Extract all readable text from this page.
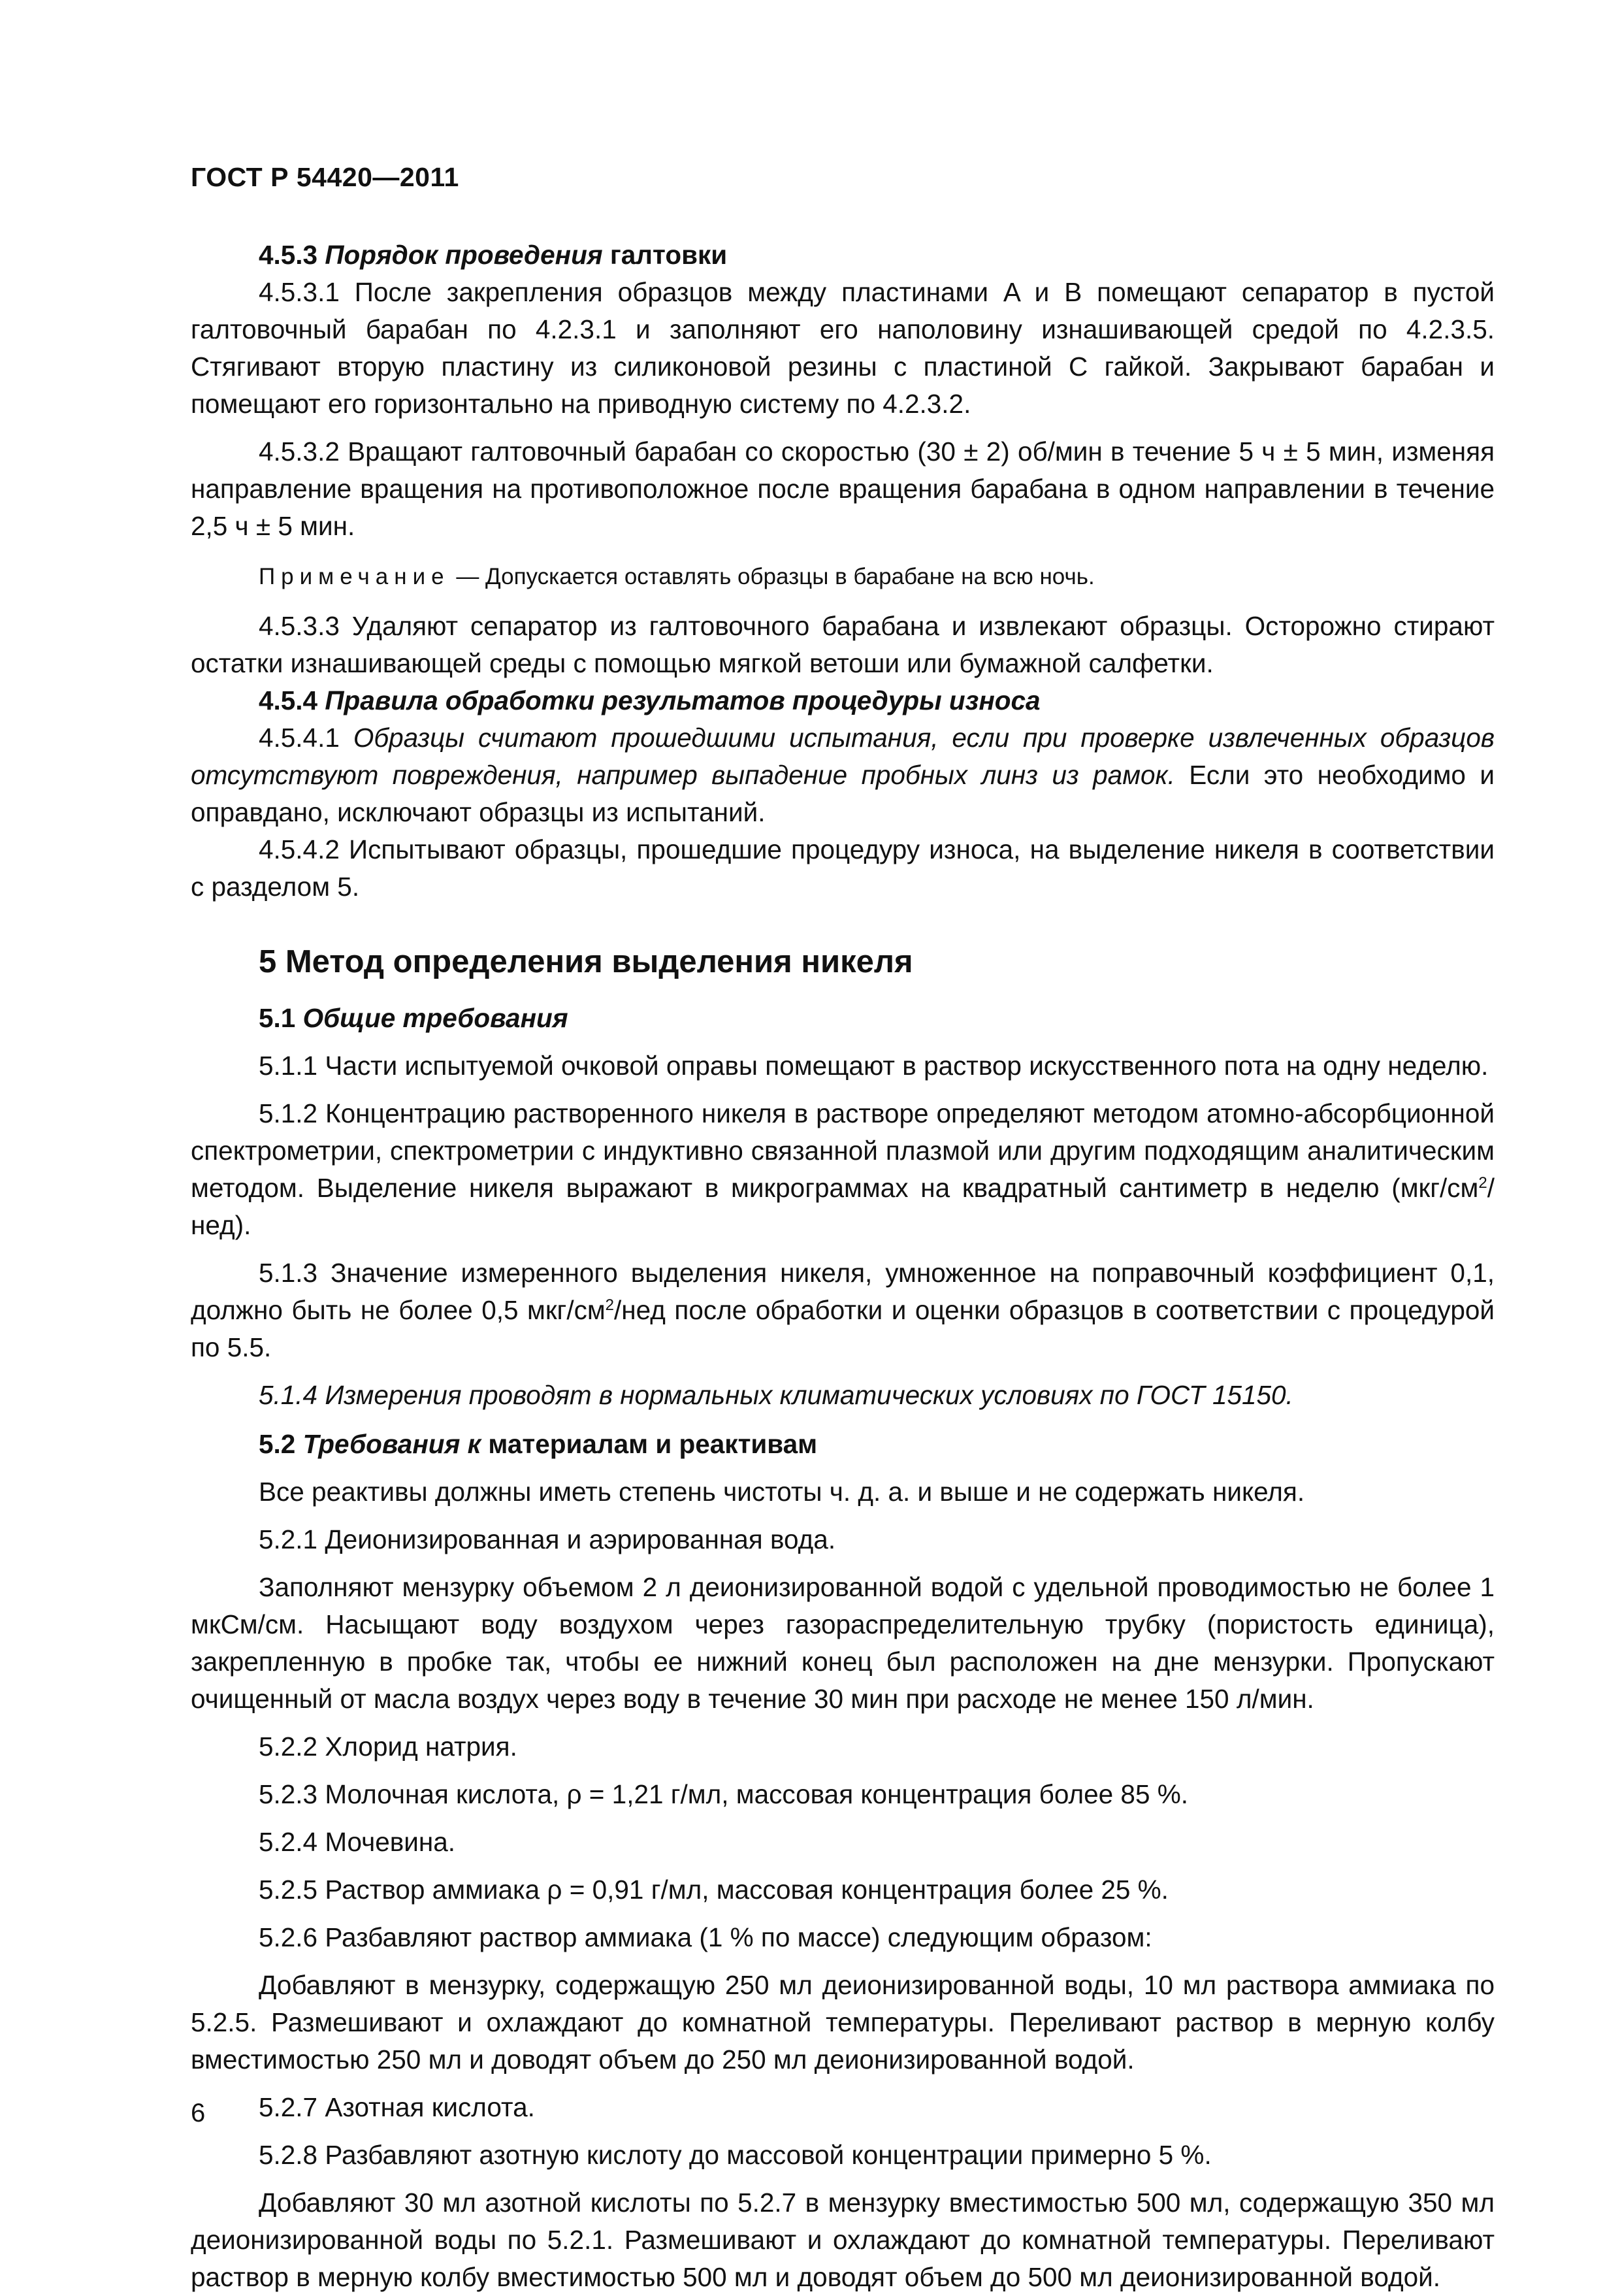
ГОСТ Р 54420—2011
4.5.3 Порядок проведения галтовки

4.5.3.1 После закрепления образцов между пластинами A и B помещают сепаратор в пустой галтовочный барабан по 4.2.3.1 и заполняют его наполовину изнашивающей средой по 4.2.3.5. Стягивают вторую пластину из силиконовой резины с пластиной C гайкой. Закрывают барабан и помещают его горизонтально на приводную систему по 4.2.3.2.

4.5.3.2 Вращают галтовочный барабан со скоростью (30 ± 2) об/мин в течение 5 ч ± 5 мин, изменяя направление вращения на противоположное после вращения барабана в одном направлении в течение 2,5 ч ± 5 мин.

Примечание — Допускается оставлять образцы в барабане на всю ночь.

4.5.3.3 Удаляют сепаратор из галтовочного барабана и извлекают образцы. Осторожно стирают остатки изнашивающей среды с помощью мягкой ветоши или бумажной салфетки.

4.5.4 Правила обработки результатов процедуры износа

4.5.4.1 Образцы считают прошедшими испытания, если при проверке извлеченных образцов отсутствуют повреждения, например выпадение пробных линз из рамок. Если это необходимо и оправдано, исключают образцы из испытаний.

4.5.4.2 Испытывают образцы, прошедшие процедуру износа, на выделение никеля в соответствии с разделом 5.

5 Метод определения выделения никеля
5.1 Общие требования

5.1.1 Части испытуемой очковой оправы помещают в раствор искусственного пота на одну неделю.

5.1.2 Концентрацию растворенного никеля в растворе определяют методом атомно-абсорбционной спектрометрии, спектрометрии с индуктивно связанной плазмой или другим подходящим аналитическим методом. Выделение никеля выражают в микрограммах на квадратный сантиметр в неделю $(мкг/см^2/нед)$.

5.1.3 Значение измеренного выделения никеля, умноженное на поправочный коэффициент 0,1, должно быть не более 0,5 мкг/$см^2$/нед после обработки и оценки образцов в соответствии с процедурой по 5.5.

5.1.4 Измерения проводят в нормальных климатических условиях по ГОСТ 15150.

5.2 Требования к материалам и реактивам

Все реактивы должны иметь степень чистоты ч. д. а. и выше и не содержать никеля.

5.2.1 Деионизированная и аэрированная вода.

Заполняют мензурку объемом 2 л деионизированной водой с удельной проводимостью не более 1 мкСм/см. Насыщают воду воздухом через газораспределительную трубку (пористость единица), закрепленную в пробке так, чтобы ее нижний конец был расположен на дне мензурки. Пропускают очищенный от масла воздух через воду в течение 30 мин при расходе не менее 150 л/мин.

5.2.2 Хлорид натрия.

5.2.3 Молочная кислота, ρ = 1,21 г/мл, массовая концентрация более 85 %.

5.2.4 Мочевина.

5.2.5 Раствор аммиака ρ = 0,91 г/мл, массовая концентрация более 25 %.

5.2.6 Разбавляют раствор аммиака (1 % по массе) следующим образом:

Добавляют в мензурку, содержащую 250 мл деионизированной воды, 10 мл раствора аммиака по 5.2.5. Размешивают и охлаждают до комнатной температуры. Переливают раствор в мерную колбу вместимостью 250 мл и доводят объем до 250 мл деионизированной водой.

5.2.7 Азотная кислота.

5.2.8 Разбавляют азотную кислоту до массовой концентрации примерно 5 %.

Добавляют 30 мл азотной кислоты по 5.2.7 в мензурку вместимостью 500 мл, содержащую 350 мл деионизированной воды по 5.2.1. Размешивают и охлаждают до комнатной температуры. Переливают раствор в мерную колбу вместимостью 500 мл и доводят объем до 500 мл деионизированной водой.

6
